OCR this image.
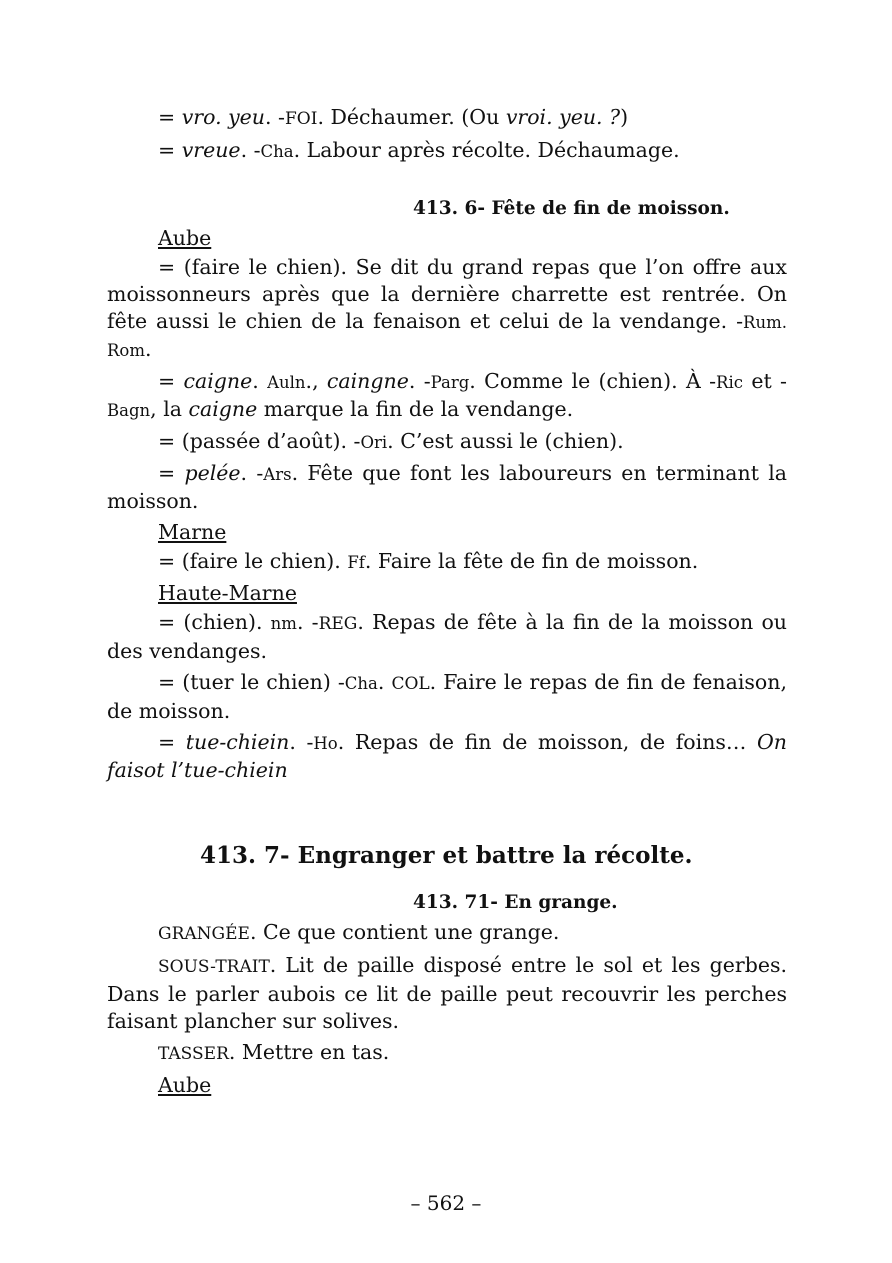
= vro. yeu. -FOI. Déchaumer. (Ou vroi. yeu. ?)

= vreue. -Cha. Labour après récolte. Déchaumage.

413. 6- Fête de fin de moisson.

Aube

= (faire le chien). Se dit du grand repas que l’on offre aux moissonneurs après que la dernière charrette est rentrée. On fête aussi le chien de la fenaison et celui de la vendange. -Rum. Rom.

= caigne. Auln., caingne. -Parg. Comme le (chien). À -Ric et -Bagn, la caigne marque la fin de la vendange.

= (passée d’août). -Ori. C’est aussi le (chien).

= pelée. -Ars. Fête que font les laboureurs en terminant la moisson.

Marne

= (faire le chien). Ff. Faire la fête de fin de moisson.

Haute-Marne

= (chien). nm. -REG. Repas de fête à la fin de la moisson ou des vendanges.

= (tuer le chien) -Cha. COL. Faire le repas de fin de fenaison, de moisson.

= tue-chiein. -Ho. Repas de fin de moisson, de foins… On faisot l’tue-chiein

413. 7- Engranger et battre la récolte.

413. 71- En grange.

GRANGÉE. Ce que contient une grange.

SOUS-TRAIT. Lit de paille disposé entre le sol et les gerbes. Dans le parler aubois ce lit de paille peut recouvrir les perches faisant plancher sur solives.

TASSER. Mettre en tas.

Aube

– 562 –
